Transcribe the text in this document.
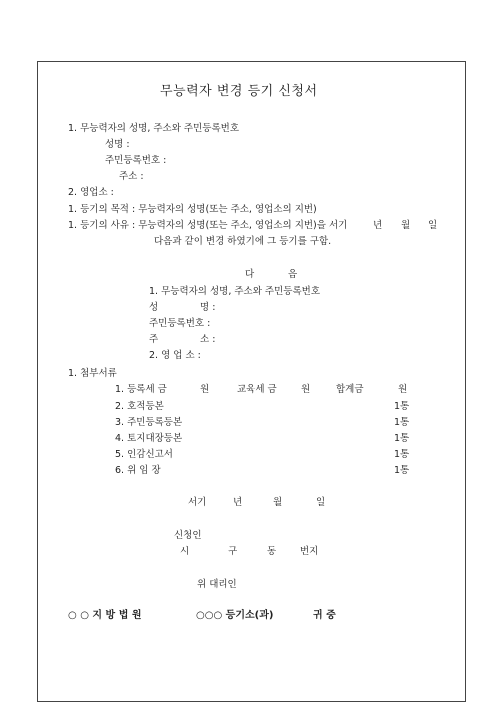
무능력자 변경 등기 신청서
1. 무능력자의 성명, 주소와 주민등록번호
성명 :
주민등록번호 :
주소 :
2. 영업소 :
1. 등기의 목적 : 무능력자의 성명(또는 주소, 영업소의 지번)
1. 등기의 사유 : 무능력자의 성명(또는 주소, 영업소의 지번)을 서기	년 월 일
다음과 같이 변경 하였기에 그 등기를 구함.
다	음
1. 무능력자의 성명, 주소와 주민등록번호
성	명 :
주민등록번호 :
주	소 :
2. 영 업 소 :
1. 첨부서류
1. 등록세 금	원	교육세 금	원	합계금	원
2. 호적등본	1통
3. 주민등록등본	1통
4. 토지대장등본	1통
5. 인감신고서	1통
6. 위 임 장	1통
서기	년	월	일
신청인
시	구	동	번지
위 대리인
○ ○ 지 방 법 원	○○○ 등기소(과)	귀 중
